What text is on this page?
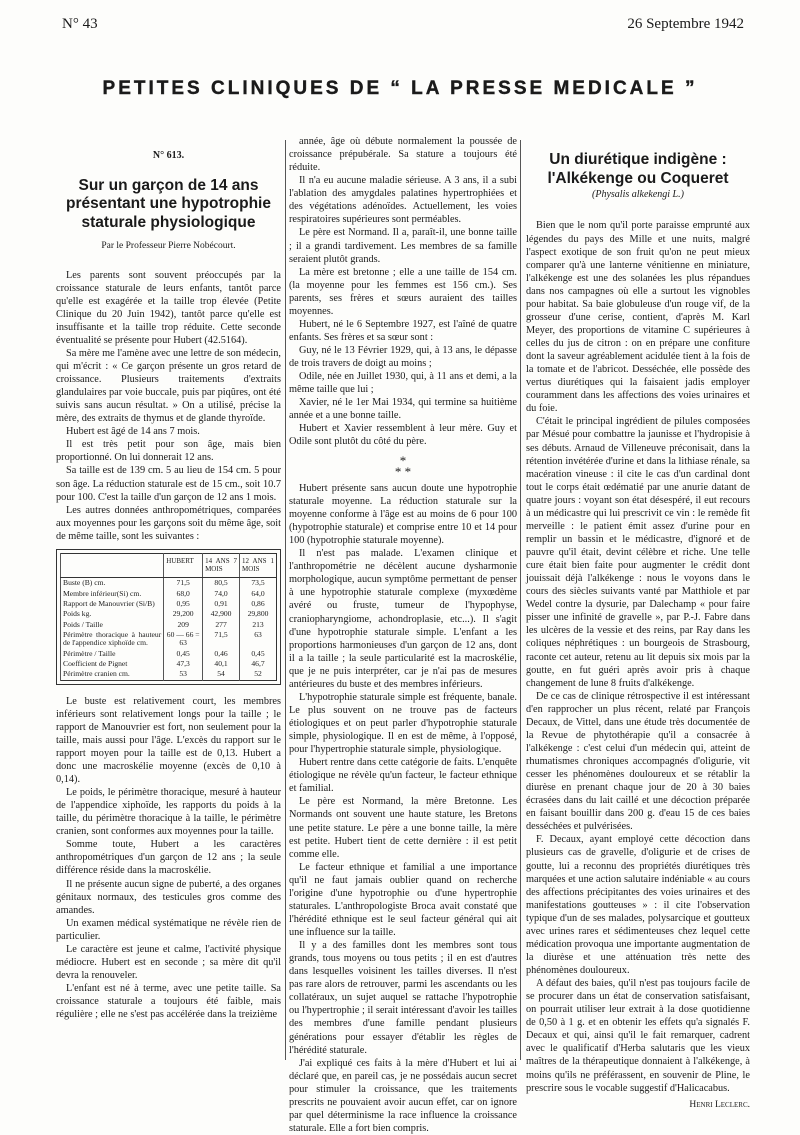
N° 43	26 Septembre 1942
PETITES CLINIQUES DE “ LA PRESSE MEDICALE ”
N° 613.
Sur un garçon de 14 ans présentant une hypotrophie staturale physiologique
Par le Professeur Pierre Nobécourt.

Les parents sont souvent préoccupés par la croissance staturale de leurs enfants, tantôt parce qu'elle est exagérée et la taille trop élevée (Petite Clinique du 20 Juin 1942), tantôt parce qu'elle est insuffisante et la taille trop réduite. Cette seconde éventualité se présente pour Hubert (42.5164).

Sa mère me l'amène avec une lettre de son médecin, qui m'écrit : « Ce garçon présente un gros retard de croissance. Plusieurs traitements d'extraits glandulaires par voie buccale, puis par piqûres, ont été suivis sans aucun résultat. » On a utilisé, précise la mère, des extraits de thymus et de glande thyroïde.

Hubert est âgé de 14 ans 7 mois.

Il est très petit pour son âge, mais bien proportionné. On lui donnerait 12 ans.

Sa taille est de 139 cm. 5 au lieu de 154 cm. 5 pour son âge. La réduction staturale est de 15 cm., soit 10.7 pour 100. C'est la taille d'un garçon de 12 ans 1 mois.

Les autres données anthropométriques, comparées aux moyennes pour les garçons soit du même âge, soit de même taille, sont les suivantes :

	HUBERT	14 ANS 7 MOIS	12 ANS 1 MOIS
Buste (B) cm.	71,5	80,5	73,5
Membre inférieur(Si) cm.	68,0	74,0	64,0
Rapport de Manouvrier (Si/B)	0,95	0,91	0,86
Poids kg.	29,200	42,900	29,800
Poids / Taille	209	277	213
Périmètre thoracique à hauteur de l'appendice xiphoïde cm.	60 — 66 = 63	71,5	63
Périmètre / Taille	0,45	0,46	0,45
Coefficient de Pignet	47,3	40,1	46,7
Périmètre cranien cm.	53	54	52

Le buste est relativement court, les membres inférieurs sont relativement longs pour la taille ; le rapport de Manouvrier est fort, non seulement pour la taille, mais aussi pour l'âge. L'excès du rapport sur le rapport moyen pour la taille est de 0,13. Hubert a donc une macroskélie moyenne (excès de 0,10 à 0,14).

Le poids, le périmètre thoracique, mesuré à hauteur de l'appendice xiphoïde, les rapports du poids à la taille, du périmètre thoracique à la taille, le périmètre cranien, sont conformes aux moyennes pour la taille.

Somme toute, Hubert a les caractères anthropométriques d'un garçon de 12 ans ; la seule différence réside dans la macroskélie.

Il ne présente aucun signe de puberté, a des organes génitaux normaux, des testicules gros comme des amandes.

Un examen médical systématique ne révèle rien de particulier.

Le caractère est jeune et calme, l'activité physique médiocre. Hubert est en seconde ; sa mère dit qu'il devra la renouveler.

L'enfant est né à terme, avec une petite taille. Sa croissance staturale a toujours été faible, mais régulière ; elle ne s'est pas accélérée dans la treizième

année, âge où débute normalement la poussée de croissance prépubérale. Sa stature a toujours été réduite.

Il n'a eu aucune maladie sérieuse. A 3 ans, il a subi l'ablation des amygdales palatines hypertrophiées et des végétations adénoïdes. Actuellement, les voies respiratoires supérieures sont perméables.

Le père est Normand. Il a, paraît-il, une bonne taille ; il a grandi tardivement. Les membres de sa famille seraient plutôt grands.

La mère est bretonne ; elle a une taille de 154 cm. (la moyenne pour les femmes est 156 cm.). Ses parents, ses frères et sœurs auraient des tailles moyennes.

Hubert, né le 6 Septembre 1927, est l'aîné de quatre enfants. Ses frères et sa sœur sont :

Guy, né le 13 Février 1929, qui, à 13 ans, le dépasse de trois travers de doigt au moins ;

Odile, née en Juillet 1930, qui, à 11 ans et demi, a la même taille que lui ;

Xavier, né le 1er Mai 1934, qui termine sa huitième année et a une bonne taille.

Hubert et Xavier ressemblent à leur mère. Guy et Odile sont plutôt du côté du père.

*
* *

Hubert présente sans aucun doute une hypotrophie staturale moyenne. La réduction staturale sur la moyenne conforme à l'âge est au moins de 6 pour 100 (hypotrophie staturale) et comprise entre 10 et 14 pour 100 (hypotrophie staturale moyenne).

Il n'est pas malade. L'examen clinique et l'anthropométrie ne décèlent aucune dysharmonie morphologique, aucun symptôme permettant de penser à une hypotrophie staturale complexe (myxœdème avéré ou fruste, tumeur de l'hypophyse, craniopharyngiome, achondroplasie, etc...). Il s'agit d'une hypotrophie staturale simple. L'enfant a les proportions harmonieuses d'un garçon de 12 ans, dont il a la taille ; la seule particularité est la macroskélie, que je ne puis interpréter, car je n'ai pas de mesures antérieures du buste et des membres inférieurs.

L'hypotrophie staturale simple est fréquente, banale. Le plus souvent on ne trouve pas de facteurs étiologiques et on peut parler d'hypotrophie staturale simple, physiologique. Il en est de même, à l'opposé, pour l'hypertrophie staturale simple, physiologique.

Hubert rentre dans cette catégorie de faits. L'enquête étiologique ne révèle qu'un facteur, le facteur ethnique et familial.

Le père est Normand, la mère Bretonne. Les Normands ont souvent une haute stature, les Bretons une petite stature. Le père a une bonne taille, la mère est petite. Hubert tient de cette dernière : il est petit comme elle.

Le facteur ethnique et familial a une importance qu'il ne faut jamais oublier quand on recherche l'origine d'une hypotrophie ou d'une hypertrophie staturales. L'anthropologiste Broca avait constaté que l'hérédité ethnique est le seul facteur général qui ait une influence sur la taille.

Il y a des familles dont les membres sont tous grands, tous moyens ou tous petits ; il en est d'autres dans lesquelles voisinent les tailles diverses. Il n'est pas rare alors de retrouver, parmi les ascendants ou les collatéraux, un sujet auquel se rattache l'hypotrophie ou l'hypertrophie ; il serait intéressant d'avoir les tailles des membres d'une famille pendant plusieurs générations pour essayer d'établir les règles de l'hérédité staturale.

J'ai expliqué ces faits à la mère d'Hubert et lui ai déclaré que, en pareil cas, je ne possédais aucun secret pour stimuler la croissance, que les traitements prescrits ne pouvaient avoir aucun effet, car on ignore par quel déterminisme la race influence la croissance staturale. Elle a fort bien compris.

Un diurétique indigène : l'Alkékenge ou Coqueret
(Physalis alkekengi L.)

Bien que le nom qu'il porte paraisse emprunté aux légendes du pays des Mille et une nuits, malgré l'aspect exotique de son fruit qu'on ne peut mieux comparer qu'à une lanterne vénitienne en miniature, l'alkékenge est une des solanées les plus répandues dans nos campagnes où elle a surtout les vignobles pour habitat. Sa baie globuleuse d'un rouge vif, de la grosseur d'une cerise, contient, d'après M. Karl Meyer, des proportions de vitamine C supérieures à celles du jus de citron : on en prépare une confiture dont la saveur agréablement acidulée tient à la fois de la tomate et de l'abricot. Desséchée, elle possède des vertus diurétiques qui la faisaient jadis employer couramment dans les affections des voies urinaires et du foie.

C'était le principal ingrédient de pilules composées par Mésué pour combattre la jaunisse et l'hydropisie à ses débuts. Arnaud de Villeneuve préconisait, dans la rétention invétérée d'urine et dans la lithiase rénale, sa macération vineuse : il cite le cas d'un cardinal dont tout le corps était œdématié par une anurie datant de quatre jours : voyant son état désespéré, il eut recours à un médicastre qui lui prescrivit ce vin : le remède fit merveille : le patient émit assez d'urine pour en remplir un bassin et le médicastre, d'ignoré et de pauvre qu'il était, devint célèbre et riche. Une telle cure était bien faite pour augmenter le crédit dont jouissait déjà l'alkékenge : nous le voyons dans le cours des siècles suivants vanté par Matthiole et par Wedel contre la dysurie, par Dalechamp « pour faire pisser une infinité de gravelle », par P.-J. Fabre dans les ulcères de la vessie et des reins, par Ray dans les coliques néphrétiques : un bourgeois de Strasbourg, raconte cet auteur, retenu au lit depuis six mois par la goutte, en fut guéri après avoir pris à chaque changement de lune 8 fruits d'alkékenge.

De ce cas de clinique rétrospective il est intéressant d'en rapprocher un plus récent, relaté par François Decaux, de Vittel, dans une étude très documentée de la Revue de phytothérapie qu'il a consacrée à l'alkékenge : c'est celui d'un médecin qui, atteint de rhumatismes chroniques accompagnés d'oligurie, vit cesser les phénomènes douloureux et se rétablir la diurèse en prenant chaque jour de 20 à 30 baies écrasées dans du lait caillé et une décoction préparée en faisant bouillir dans 200 g. d'eau 15 de ces baies desséchées et pulvérisées.

F. Decaux, ayant employé cette décoction dans plusieurs cas de gravelle, d'oligurie et de crises de goutte, lui a reconnu des propriétés diurétiques très marquées et une action salutaire indéniable « au cours des affections précipitantes des voies urinaires et des manifestations goutteuses » : il cite l'observation typique d'un de ses malades, polysarcique et goutteux avec urines rares et sédimenteuses chez lequel cette médication provoqua une importante augmentation de la diurèse et une atténuation très nette des phénomènes douloureux.

A défaut des baies, qu'il n'est pas toujours facile de se procurer dans un état de conservation satisfaisant, on pourrait utiliser leur extrait à la dose quotidienne de 0,50 à 1 g. et en obtenir les effets qu'a signalés F. Decaux et qui, ainsi qu'il le fait remarquer, cadrent avec le qualificatif d'Herba salutaris que les vieux maîtres de la thérapeutique donnaient à l'alkékenge, à moins qu'ils ne préférassent, en souvenir de Pline, le prescrire sous le vocable suggestif d'Halicacabus.

Henri Leclerc.
